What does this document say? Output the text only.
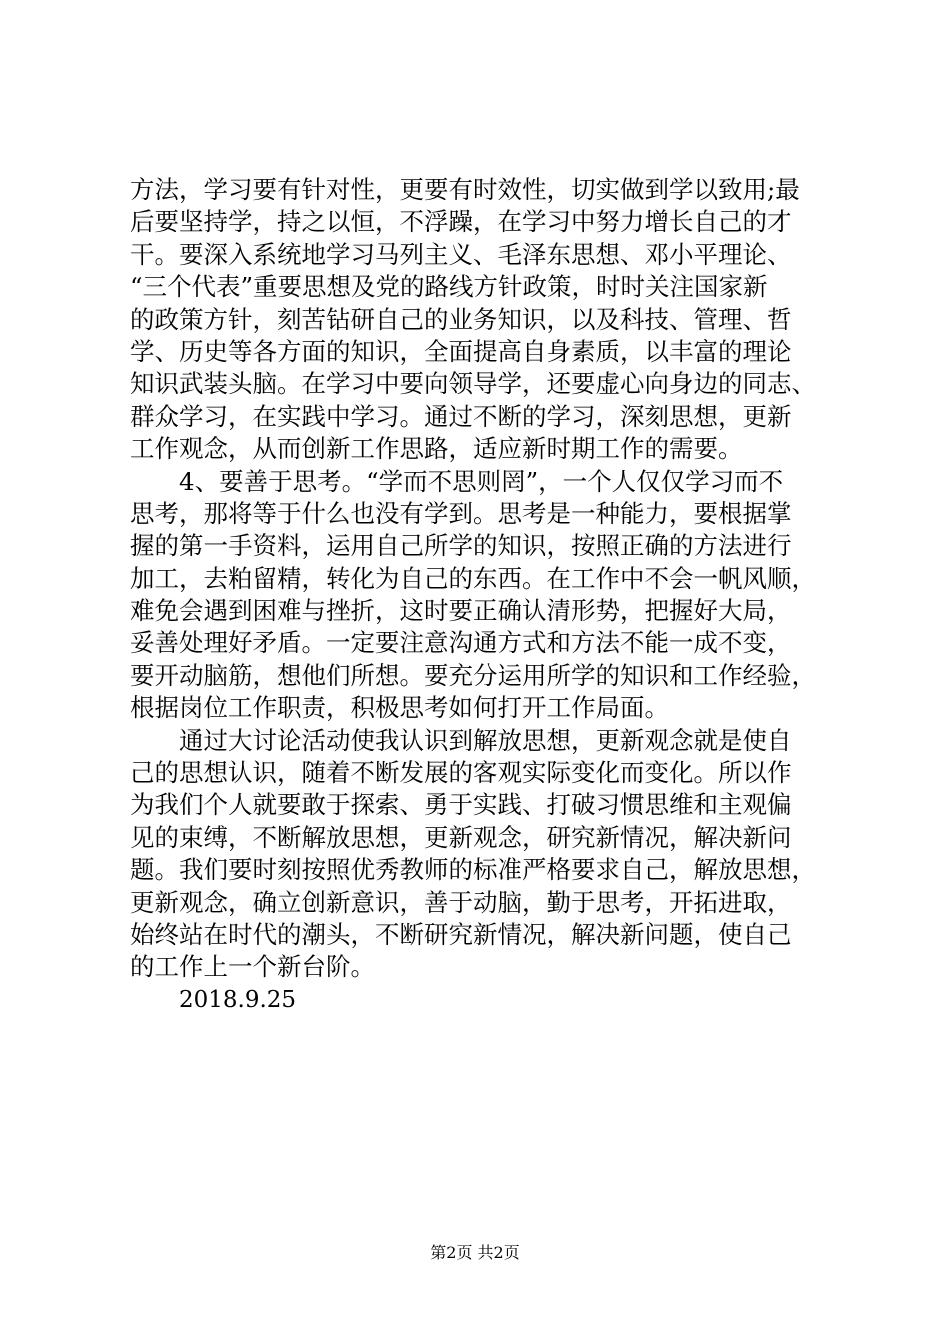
方法，学习要有针对性，更要有时效性，切实做到学以致用;最
后要坚持学，持之以恒，不浮躁，在学习中努力增长自己的才
干。要深入系统地学习马列主义、毛泽东思想、邓小平理论、
“三个代表”重要思想及党的路线方针政策，时时关注国家新
的政策方针，刻苦钻研自己的业务知识，以及科技、管理、哲
学、历史等各方面的知识，全面提高自身素质，以丰富的理论
知识武装头脑。在学习中要向领导学，还要虚心向身边的同志、
群众学习，在实践中学习。通过不断的学习，深刻思想，更新
工作观念，从而创新工作思路，适应新时期工作的需要。
4、要善于思考。“学而不思则罔”，一个人仅仅学习而不
思考，那将等于什么也没有学到。思考是一种能力，要根据掌
握的第一手资料，运用自己所学的知识，按照正确的方法进行
加工，去粕留精，转化为自己的东西。在工作中不会一帆风顺，
难免会遇到困难与挫折，这时要正确认清形势，把握好大局，
妥善处理好矛盾。一定要注意沟通方式和方法不能一成不变，
要开动脑筋，想他们所想。要充分运用所学的知识和工作经验，
根据岗位工作职责，积极思考如何打开工作局面。
通过大讨论活动使我认识到解放思想，更新观念就是使自
己的思想认识，随着不断发展的客观实际变化而变化。所以作
为我们个人就要敢于探索、勇于实践、打破习惯思维和主观偏
见的束缚，不断解放思想，更新观念，研究新情况，解决新问
题。我们要时刻按照优秀教师的标准严格要求自己，解放思想，
更新观念，确立创新意识，善于动脑，勤于思考，开拓进取，
始终站在时代的潮头，不断研究新情况，解决新问题，使自己
的工作上一个新台阶。
2018.9.25
第2页 共2页
